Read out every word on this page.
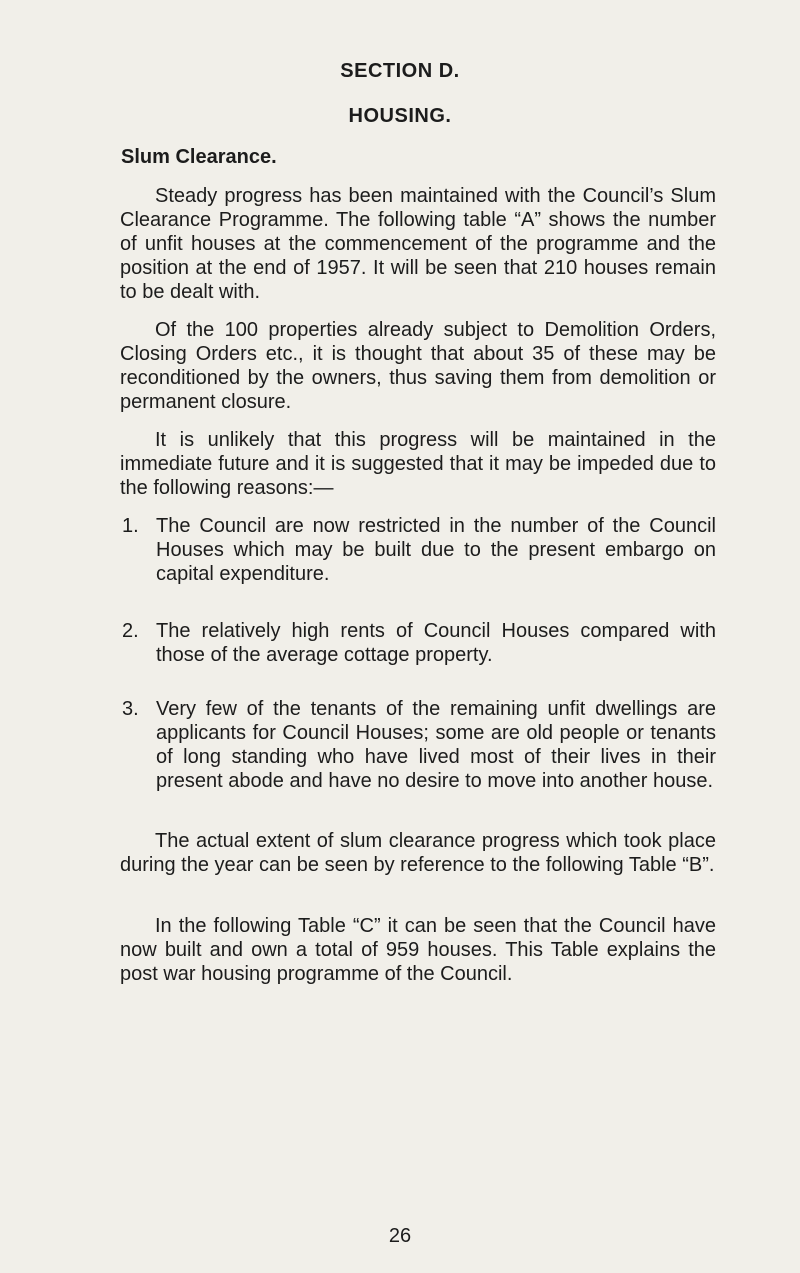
SECTION D.
HOUSING.
Slum Clearance.

Steady progress has been maintained with the Council’s Slum Clearance Programme. The following table “A” shows the number of unfit houses at the commencement of the programme and the position at the end of 1957. It will be seen that 210 houses remain to be dealt with.

Of the 100 properties already subject to Demolition Orders, Closing Orders etc., it is thought that about 35 of these may be reconditioned by the owners, thus saving them from demolition or permanent closure.

It is unlikely that this progress will be maintained in the immediate future and it is suggested that it may be impeded due to the following reasons:—

1. The Council are now restricted in the number of the Council Houses which may be built due to the present embargo on capital expenditure.
2. The relatively high rents of Council Houses compared with those of the average cottage property.
3. Very few of the tenants of the remaining unfit dwellings are applicants for Council Houses; some are old people or tenants of long standing who have lived most of their lives in their present abode and have no desire to move into another house.

The actual extent of slum clearance progress which took place during the year can be seen by reference to the following Table “B”.

In the following Table “C” it can be seen that the Council have now built and own a total of 959 houses. This Table explains the post war housing programme of the Council.

26
